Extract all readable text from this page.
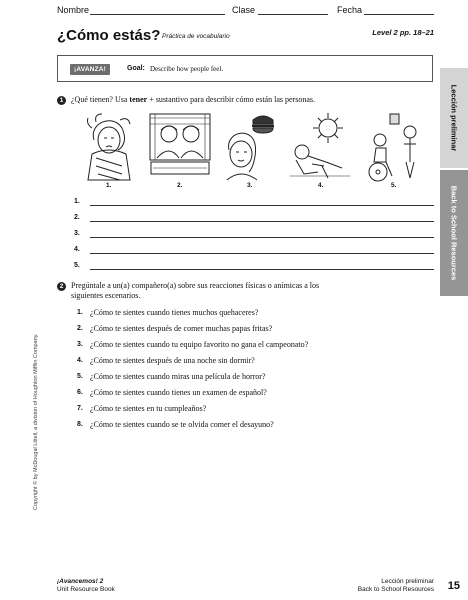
Nombre	Clase	Fecha
¿Cómo estás? Práctica de vocabulario	Level 2 pp. 18–21
¡AVANZA!	Goal: Describe how people feel.
Lección preliminar
Back to School Resources
1 ¿Qué tienen? Usa tener + sustantivo para describir cómo están las personas.
1.	2.	3.	4.	5.
1.
2.
3.
4.
5.
2 Pregúntale a un(a) compañero(a) sobre sus reacciones físicas o anímicas a los
siguientes escenarios.
1. ¿Cómo te sientes cuando tienes muchos quehaceres?
2. ¿Cómo te sientes después de comer muchas papas fritas?
3. ¿Cómo te sientes cuando tu equipo favorito no gana el campeonato?
4. ¿Cómo te sientes después de una noche sin dormir?
5. ¿Cómo te sientes cuando miras una película de horror?
6. ¿Cómo te sientes cuando tienes un examen de español?
7. ¿Cómo te sientes en tu cumpleaños?
8. ¿Cómo te sientes cuando se te olvida comer el desayuno?
Copyright © by McDougal Littell, a division of Houghton Mifflin Company.
¡Avancemos! 2
Unit Resource Book
Lección preliminar
Back to School Resources 15
